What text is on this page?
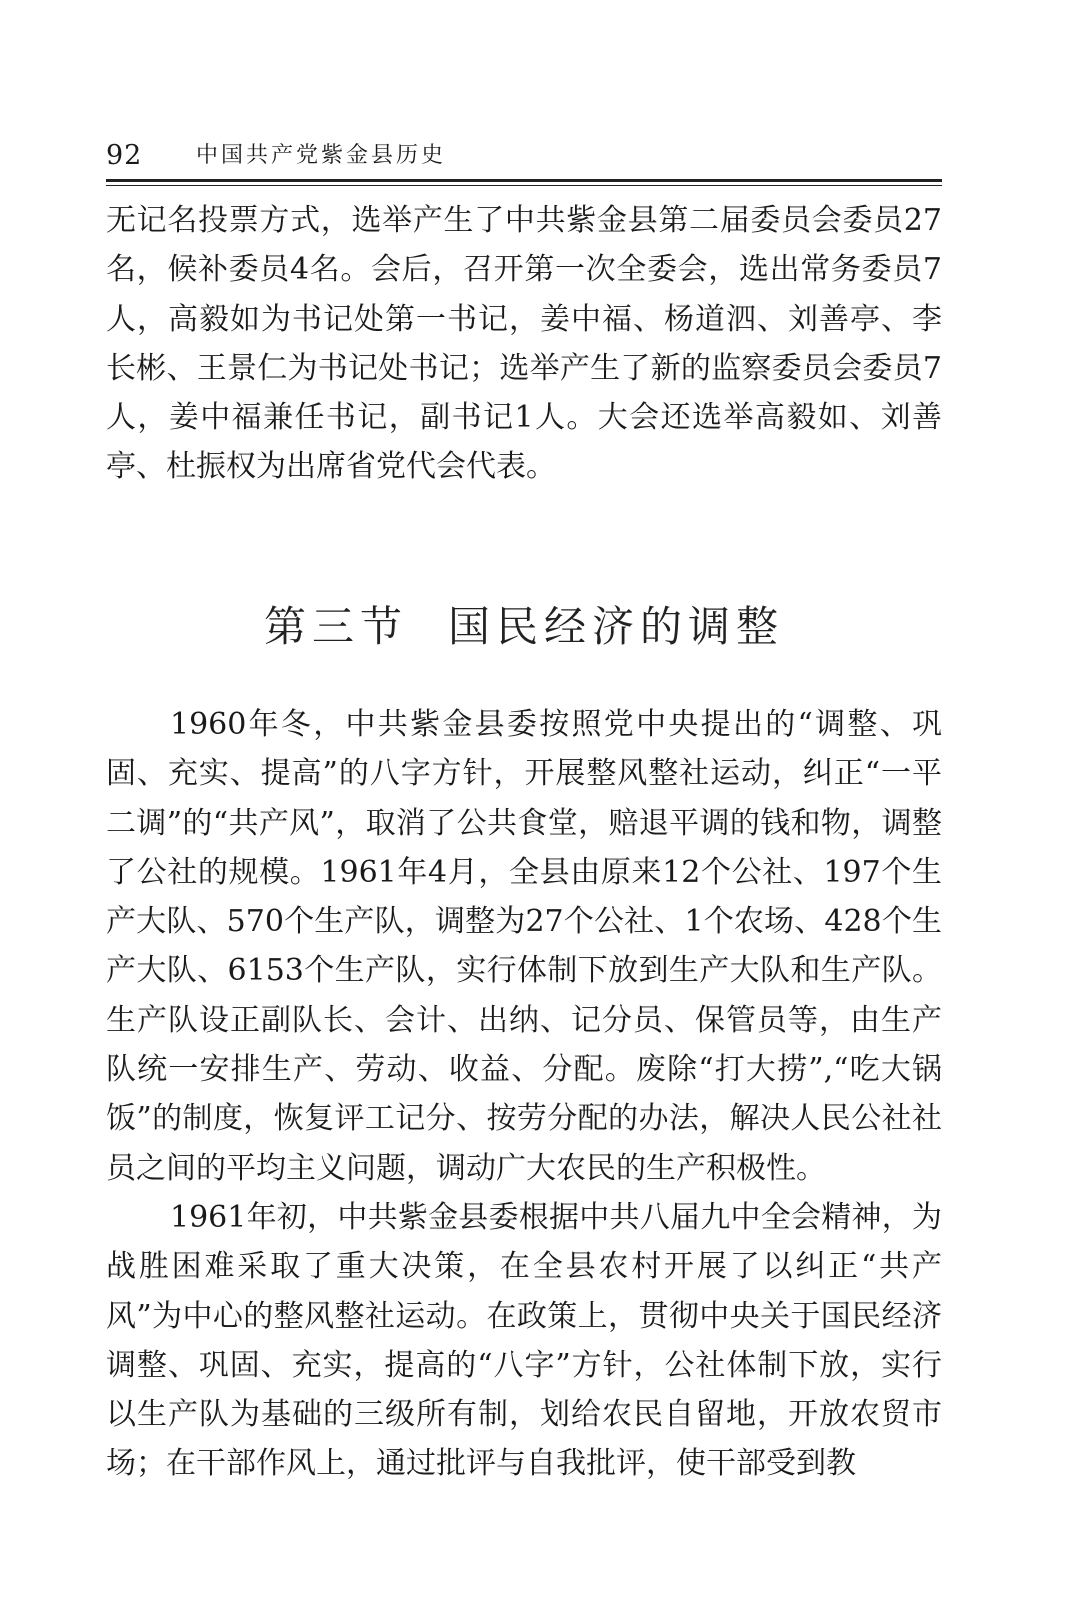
92 中国共产党紫金县历史

无记名投票方式，选举产生了中共紫金县第二届委员会委员27名，候补委员4名。会后，召开第一次全委会，选出常务委员7人，高毅如为书记处第一书记，姜中福、杨道泗、刘善亭、李长彬、王景仁为书记处书记；选举产生了新的监察委员会委员7人，姜中福兼任书记，副书记1人。大会还选举高毅如、刘善亭、杜振权为出席省党代会代表。

第三节 国民经济的调整

1960年冬，中共紫金县委按照党中央提出的“调整、巩固、充实、提高”的八字方针，开展整风整社运动，纠正“一平二调”的“共产风”，取消了公共食堂，赔退平调的钱和物，调整了公社的规模。1961年4月，全县由原来12个公社、197个生产大队、570个生产队，调整为27个公社、1个农场、428个生产大队、6153个生产队，实行体制下放到生产大队和生产队。生产队设正副队长、会计、出纳、记分员、保管员等，由生产队统一安排生产、劳动、收益、分配。废除“打大捞”,“吃大锅饭”的制度，恢复评工记分、按劳分配的办法，解决人民公社社员之间的平均主义问题，调动广大农民的生产积极性。

1961年初，中共紫金县委根据中共八届九中全会精神，为战胜困难采取了重大决策，在全县农村开展了以纠正“共产风”为中心的整风整社运动。在政策上，贯彻中央关于国民经济调整、巩固、充实，提高的“八字”方针，公社体制下放，实行以生产队为基础的三级所有制，划给农民自留地，开放农贸市场；在干部作风上，通过批评与自我批评，使干部受到教
